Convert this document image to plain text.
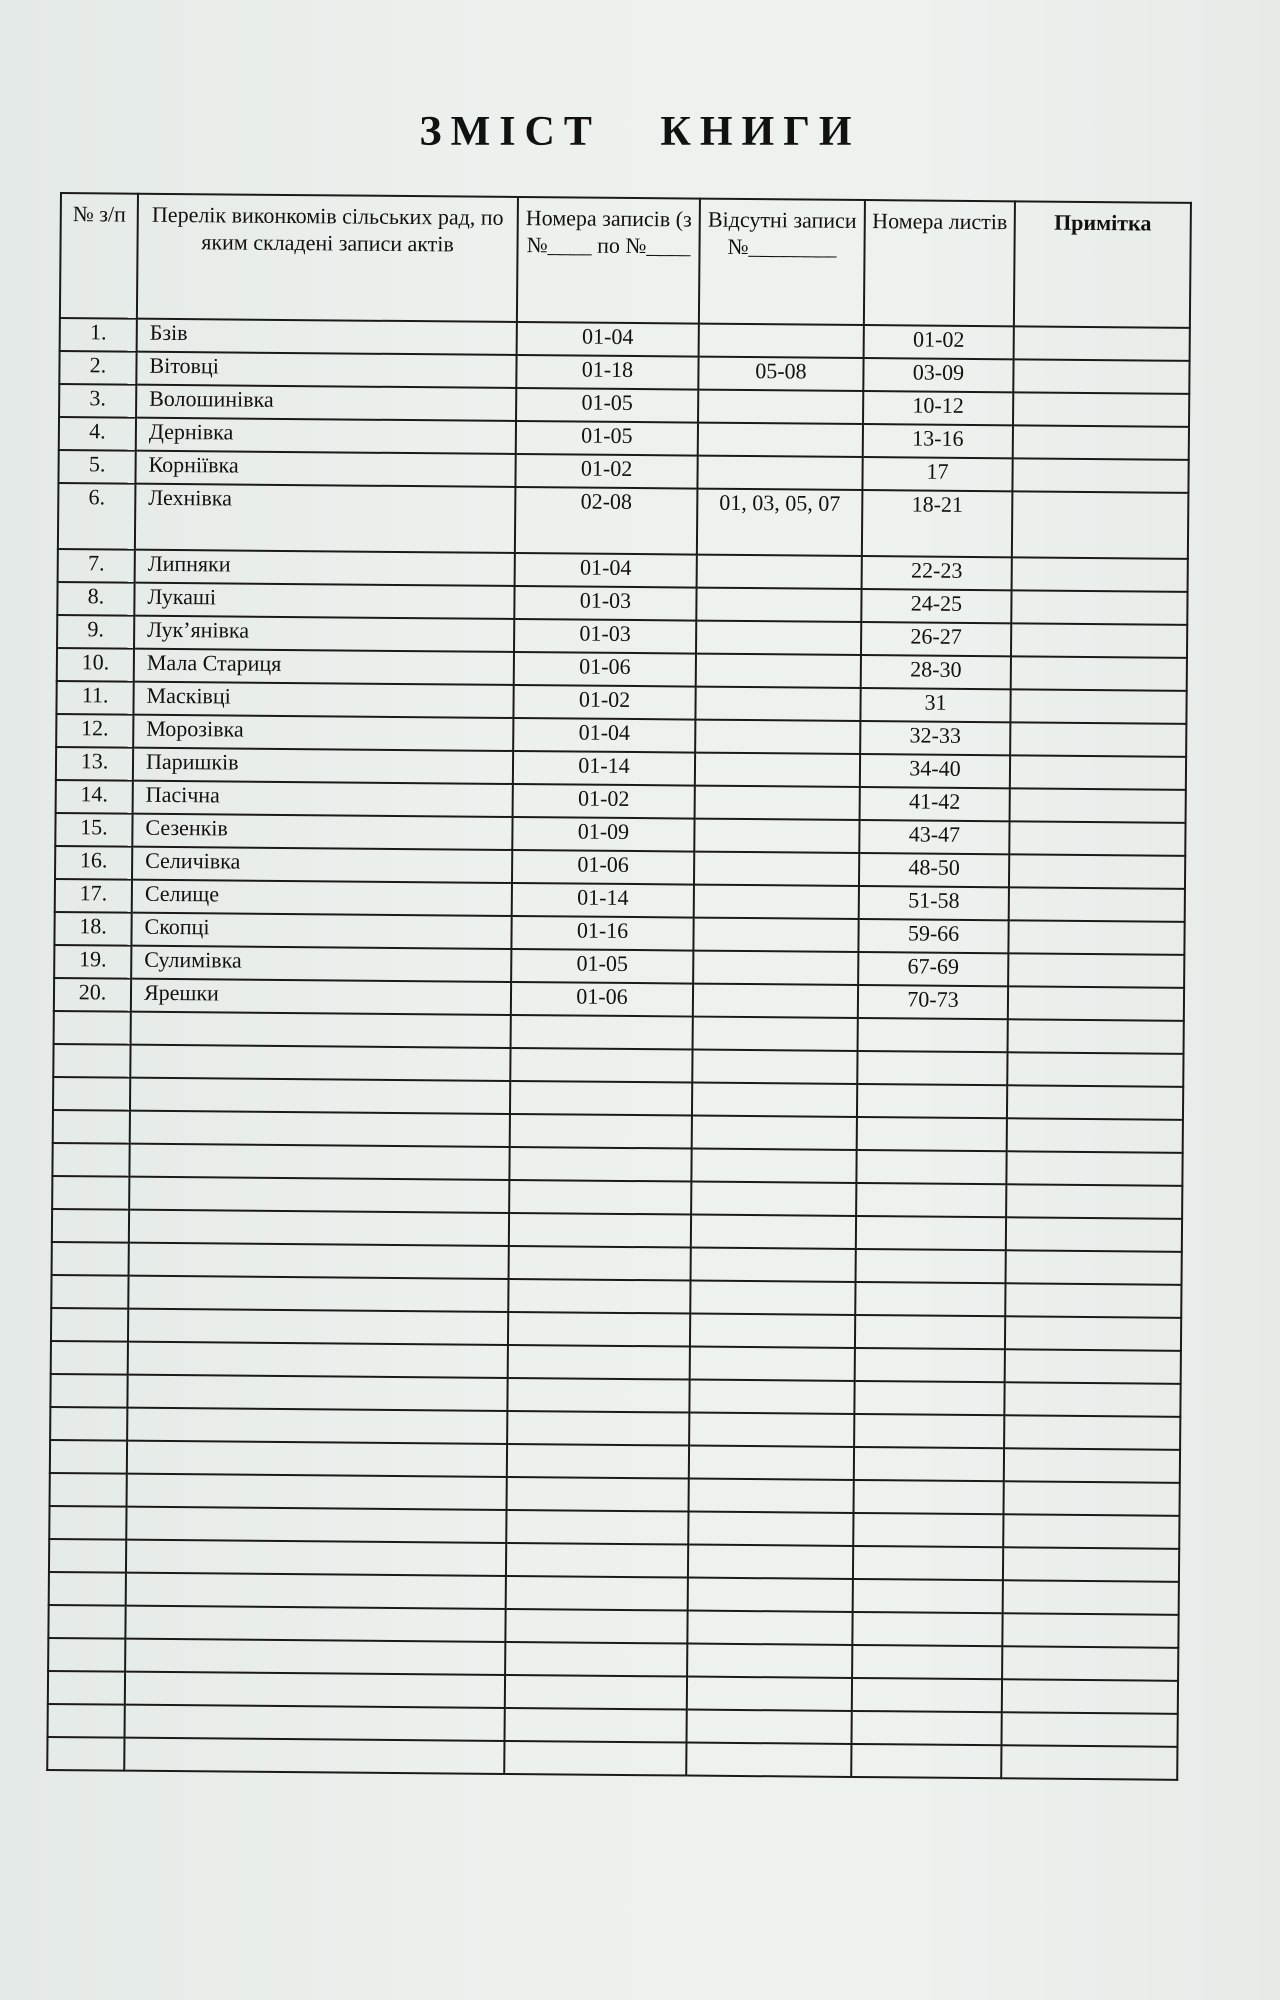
ЗМІСТ КНИГИ
№ з/п	Перелік виконкомів сільських рад, по яким складені записи актів	Номера записів (з №____ по №____	Відсутні записи №________	Номера листів	Примітка
1.	Бзів	01-04		01-02	
2.	Вітовці	01-18	05-08	03-09	
3.	Волошинівка	01-05		10-12	
4.	Дернівка	01-05		13-16	
5.	Корніївка	01-02		17	
6.	Лехнівка	02-08	01, 03, 05, 07	18-21	
7.	Липняки	01-04		22-23	
8.	Лукаші	01-03		24-25	
9.	Лук’янівка	01-03		26-27	
10.	Мала Стариця	01-06		28-30	
11.	Масківці	01-02		31	
12.	Морозівка	01-04		32-33	
13.	Паришків	01-14		34-40	
14.	Пасічна	01-02		41-42	
15.	Сезенків	01-09		43-47	
16.	Селичівка	01-06		48-50	
17.	Селище	01-14		51-58	
18.	Скопці	01-16		59-66	
19.	Сулимівка	01-05		67-69	
20.	Ярешки	01-06		70-73	
